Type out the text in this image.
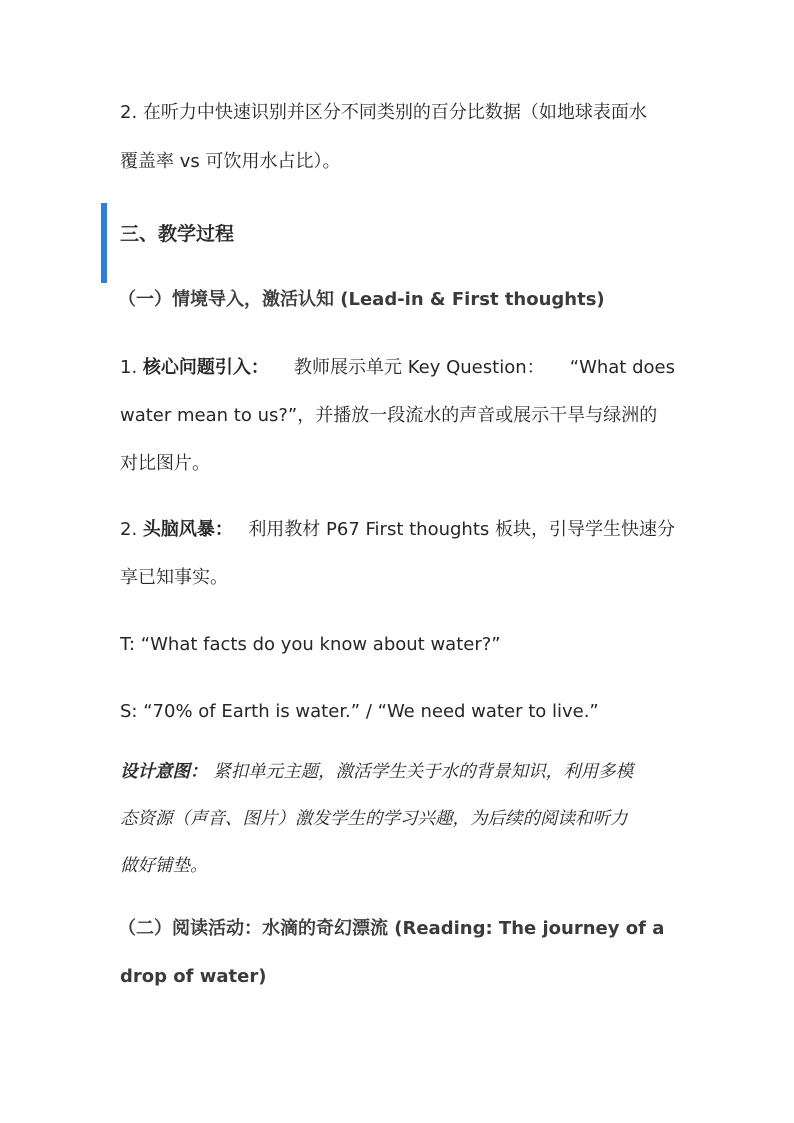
2. 在听力中快速识别并区分不同类别的百分比数据（如地球表面水
覆盖率 vs 可饮用水占比）。
三、教学过程
（一）情境导入，激活认知 (Lead-in & First thoughts)
1. 核心问题引入： 教师展示单元 Key Question： “What does
water mean to us?”，并播放一段流水的声音或展示干旱与绿洲的
对比图片。
2. 头脑风暴： 利用教材 P67 First thoughts 板块，引导学生快速分
享已知事实。
T: “What facts do you know about water?”
S: “70% of Earth is water.” / “We need water to live.”
设计意图： 紧扣单元主题，激活学生关于水的背景知识，利用多模
态资源（声音、图片）激发学生的学习兴趣，为后续的阅读和听力
做好铺垫。
（二）阅读活动：水滴的奇幻漂流 (Reading: The journey of a
drop of water)
